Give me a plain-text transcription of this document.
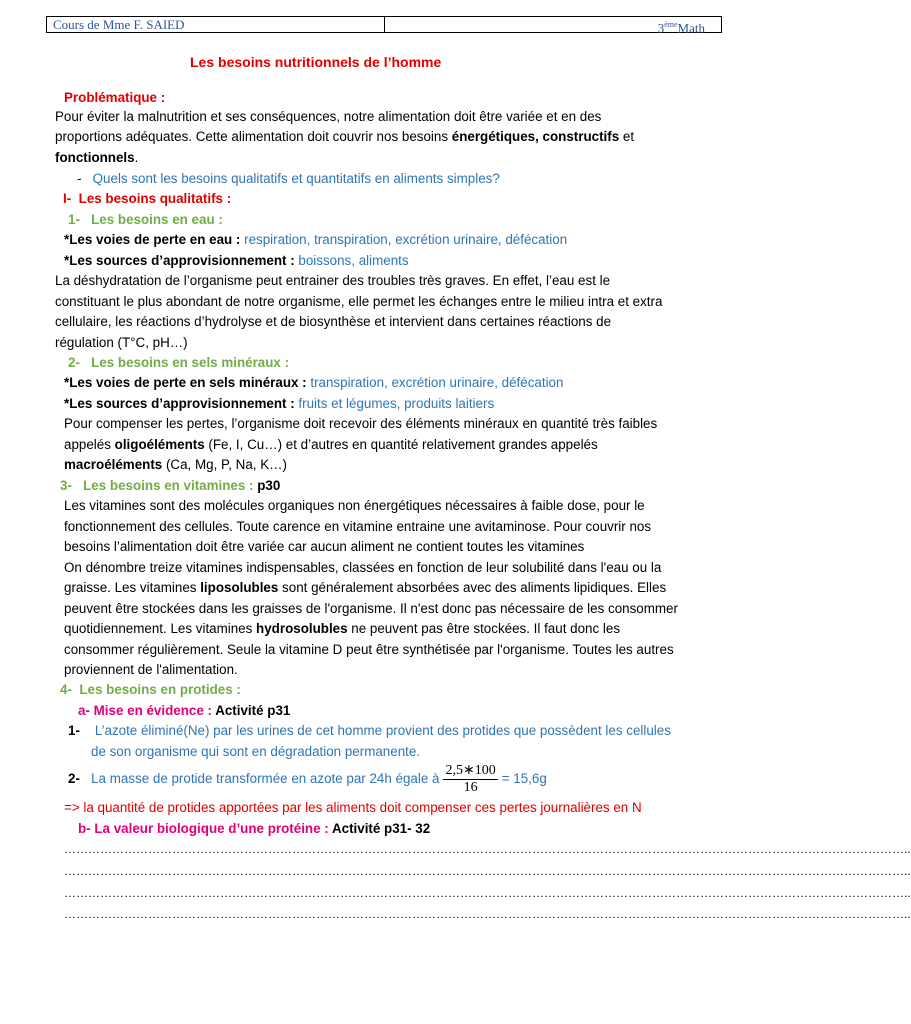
Cours de Mme F. SAIED	3èmeMath
Les besoins nutritionnels de l’homme
Problématique :
Pour éviter la malnutrition et ses conséquences, notre alimentation doit être variée et en des
proportions adéquates. Cette alimentation doit couvrir nos besoins énergétiques, constructifs et
fonctionnels.
- Quels sont les besoins qualitatifs et quantitatifs en aliments simples?
I- Les besoins qualitatifs :
1- Les besoins en eau :
*Les voies de perte en eau : respiration, transpiration, excrétion urinaire, défécation
*Les sources d’approvisionnement : boissons, aliments
La déshydratation de l’organisme peut entrainer des troubles très graves. En effet, l’eau est le
constituant le plus abondant de notre organisme, elle permet les échanges entre le milieu intra et extra
cellulaire, les réactions d’hydrolyse et de biosynthèse et intervient dans certaines réactions de
régulation (T°C, pH…)
2- Les besoins en sels minéraux :
*Les voies de perte en sels minéraux : transpiration, excrétion urinaire, défécation
*Les sources d’approvisionnement : fruits et légumes, produits laitiers
Pour compenser les pertes, l’organisme doit recevoir des éléments minéraux en quantité très faibles
appelés oligoéléments (Fe, I, Cu…) et d’autres en quantité relativement grandes appelés
macroéléments (Ca, Mg, P, Na, K…)
3- Les besoins en vitamines : p30
Les vitamines sont des molécules organiques non énergétiques nécessaires à faible dose, pour le
fonctionnement des cellules. Toute carence en vitamine entraine une avitaminose. Pour couvrir nos
besoins l’alimentation doit être variée car aucun aliment ne contient toutes les vitamines
On dénombre treize vitamines indispensables, classées en fonction de leur solubilité dans l'eau ou la
graisse. Les vitamines liposolubles sont généralement absorbées avec des aliments lipidiques. Elles
peuvent être stockées dans les graisses de l'organisme. Il n'est donc pas nécessaire de les consommer
quotidiennement. Les vitamines hydrosolubles ne peuvent pas être stockées. Il faut donc les
consommer régulièrement. Seule la vitamine D peut être synthétisée par l'organisme. Toutes les autres
proviennent de l'alimentation.
4- Les besoins en protides :
a- Mise en évidence : Activité p31
1- L’azote éliminé(Ne) par les urines de cet homme provient des protides que possèdent les cellules
de son organisme qui sont en dégradation permanente.
2- La masse de protide transformée en azote par 24h égale à $\frac{2,5∗100}{16} = 15,6g$
=> la quantité de protides apportées par les aliments doit compenser ces pertes journalières en N
b- La valeur biologique d’une protéine : Activité p31- 32
…………………………………………………………………………………………………………………………………………………………………………………………..
…………………………………………………………………………………………………………………………………………………………………………………………..
…………………………………………………………………………………………………………………………………………………………………………………………..
…………………………………………………………………………………………………………………………………………………………………………………………..
